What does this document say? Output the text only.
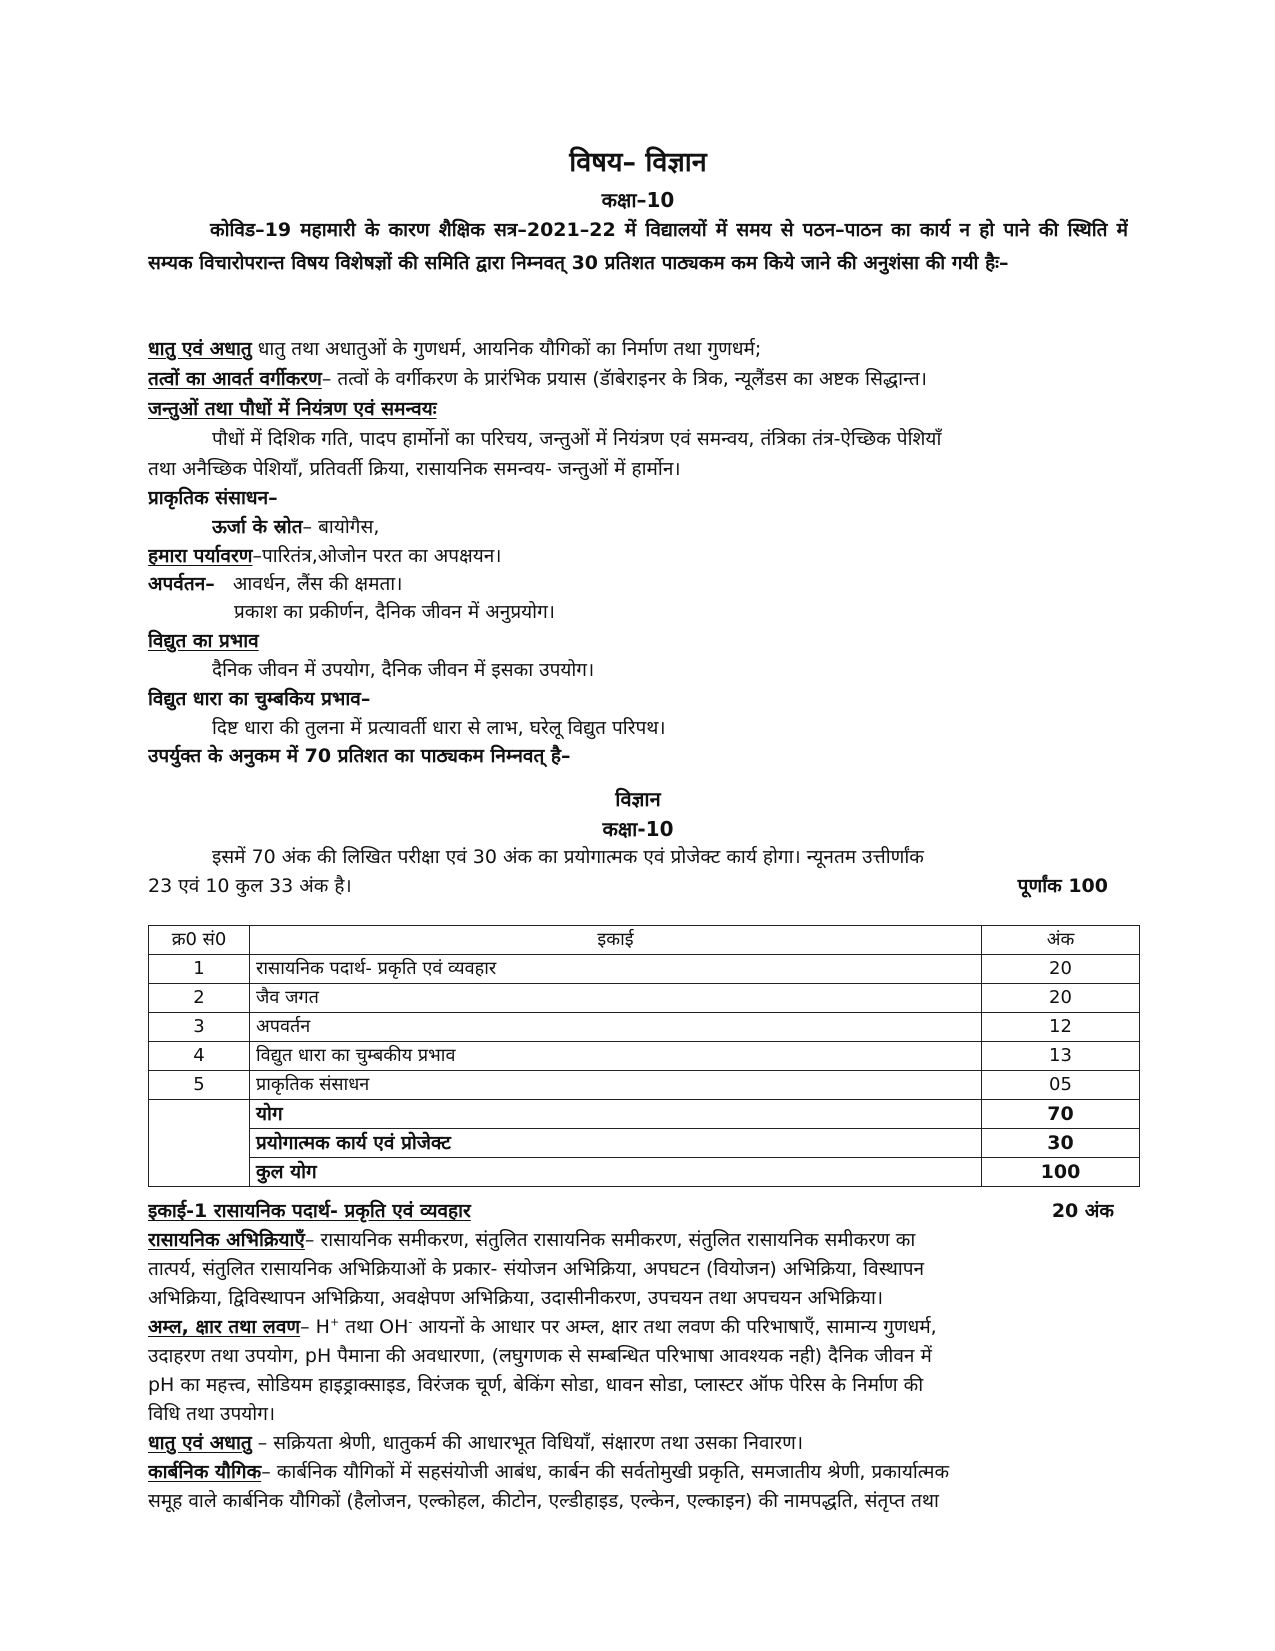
विषय– विज्ञान
कक्षा–10
कोविड–19 महामारी के कारण शैक्षिक सत्र–2021–22 में विद्यालयों में समय से पठन–पाठन का कार्य न हो पाने की स्थिति में सम्यक विचारोपरान्त विषय विशेषज्ञों की समिति द्वारा निम्नवत् 30 प्रतिशत पाठ्यकम कम किये जाने की अनुशंसा की गयी हैः–
धातु एवं अधातु धातु तथा अधातुओं के गुणधर्म, आयनिक यौगिकों का निर्माण तथा गुणधर्म;
तत्वों का आवर्त वर्गीकरण– तत्वों के वर्गीकरण के प्रारंभिक प्रयास (डॅाबेराइनर के त्रिक, न्यूलैंडस का अष्टक सिद्धान्त।
जन्तुओं तथा पौधों में नियंत्रण एवं समन्वयः
पौधों में दिशिक गति, पादप हार्मोनों का परिचय, जन्तुओं में नियंत्रण एवं समन्वय, तंत्रिका तंत्र-ऐच्छिक पेशियाँ
तथा अनैच्छिक पेशियाँ, प्रतिवर्ती क्रिया, रासायनिक समन्वय- जन्तुओं में हार्मोन।
प्राकृतिक संसाधन–
ऊर्जा के स्रोत– बायोगैस,
हमारा पर्यावरण–पारितंत्र,ओजोन परत का अपक्षयन।
अपर्वतन– आवर्धन, लैंस की क्षमता।
प्रकाश का प्रकीर्णन, दैनिक जीवन में अनुप्रयोग।
विद्युत का प्रभाव
दैनिक जीवन में उपयोग, दैनिक जीवन में इसका उपयोग।
विद्युत धारा का चुम्बकिय प्रभाव–
दिष्ट धारा की तुलना में प्रत्यावर्ती धारा से लाभ, घरेलू विद्युत परिपथ।
उपर्युक्त के अनुकम में 70 प्रतिशत का पाठ्यकम निम्नवत् है–
विज्ञान
कक्षा-10
इसमें 70 अंक की लिखित परीक्षा एवं 30 अंक का प्रयोगात्मक एवं प्रोजेक्ट कार्य होगा। न्यूनतम उत्तीर्णांक
23 एवं 10 कुल 33 अंक है।	पूर्णांक 100
क्र0 सं0	इकाई	अंक
1	रासायनिक पदार्थ- प्रकृति एवं व्यवहार	20
2	जैव जगत	20
3	अपवर्तन	12
4	विद्युत धारा का चुम्बकीय प्रभाव	13
5	प्राकृतिक संसाधन	05
	योग	70
	प्रयोगात्मक कार्य एवं प्रोजेक्ट	30
	कुल योग	100
इकाई-1 रासायनिक पदार्थ- प्रकृति एवं व्यवहार	20 अंक
रासायनिक अभिक्रियाएँ– रासायनिक समीकरण, संतुलित रासायनिक समीकरण, संतुलित रासायनिक समीकरण का
तात्पर्य, संतुलित रासायनिक अभिक्रियाओं के प्रकार- संयोजन अभिक्रिया, अपघटन (वियोजन) अभिक्रिया, विस्थापन
अभिक्रिया, द्विविस्थापन अभिक्रिया, अवक्षेपण अभिक्रिया, उदासीनीकरण, उपचयन तथा अपचयन अभिक्रिया।
अम्ल, क्षार तथा लवण– H+ तथा OH- आयनों के आधार पर अम्ल, क्षार तथा लवण की परिभाषाएँ, सामान्य गुणधर्म,
उदाहरण तथा उपयोग, pH पैमाना की अवधारणा, (लघुगणक से सम्बन्धित परिभाषा आवश्यक नही) दैनिक जीवन में
pH का महत्त्व, सोडियम हाइड्राक्साइड, विरंजक चूर्ण, बेकिंग सोडा, धावन सोडा, प्लास्टर ऑफ पेरिस के निर्माण की
विधि तथा उपयोग।
धातु एवं अधातु – सक्रियता श्रेणी, धातुकर्म की आधारभूत विधियाँ, संक्षारण तथा उसका निवारण।
कार्बनिक यौगिक– कार्बनिक यौगिकों में सहसंयोजी आबंध, कार्बन की सर्वतोमुखी प्रकृति, समजातीय श्रेणी, प्रकार्यात्मक
समूह वाले कार्बनिक यौगिकों (हैलोजन, एल्कोहल, कीटोन, एल्डीहाइड, एल्केन, एल्काइन) की नामपद्धति, संतृप्त तथा
